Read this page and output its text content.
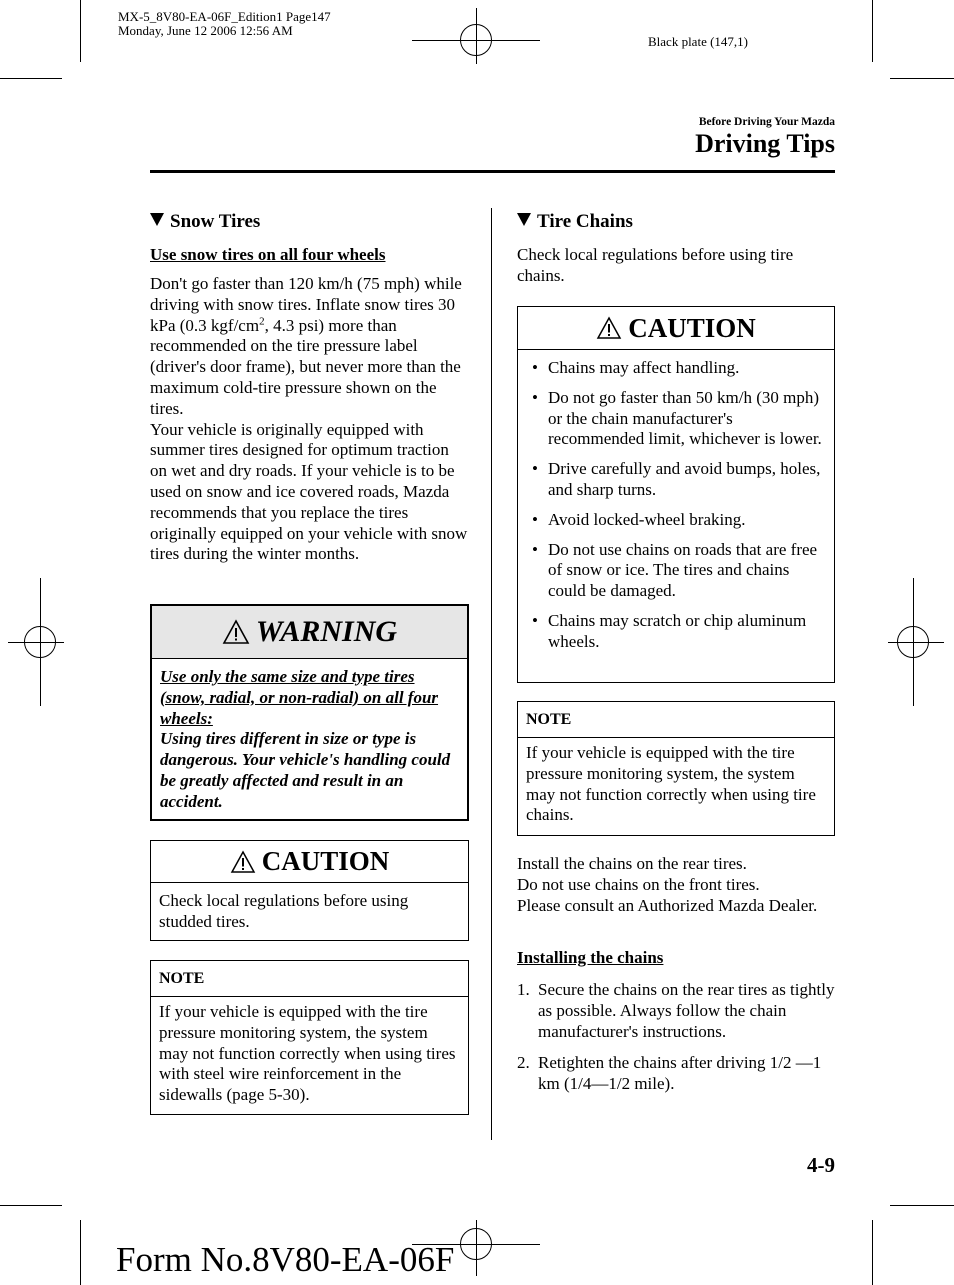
MX-5_8V80-EA-06F_Edition1 Page147
Monday, June 12 2006 12:56 AM
Black plate (147,1)
Before Driving Your Mazda
Driving Tips
Snow Tires
Use snow tires on all four wheels
Don't go faster than 120 km/h (75 mph) while driving with snow tires. Inflate snow tires 30 kPa (0.3 kgf/$cm^2$, 4.3 psi) more than recommended on the tire pressure label (driver's door frame), but never more than the maximum cold-tire pressure shown on the tires.
Your vehicle is originally equipped with summer tires designed for optimum traction on wet and dry roads. If your vehicle is to be used on snow and ice covered roads, Mazda recommends that you replace the tires originally equipped on your vehicle with snow tires during the winter months.
WARNING
Use only the same size and type tires (snow, radial, or non-radial) on all four wheels:
Using tires different in size or type is dangerous. Your vehicle's handling could be greatly affected and result in an accident.
CAUTION
Check local regulations before using studded tires.
NOTE
If your vehicle is equipped with the tire pressure monitoring system, the system may not function correctly when using tires with steel wire reinforcement in the sidewalls (page 5-30).
Tire Chains
Check local regulations before using tire chains.
CAUTION
• Chains may affect handling.
• Do not go faster than 50 km/h (30 mph) or the chain manufacturer's recommended limit, whichever is lower.
• Drive carefully and avoid bumps, holes, and sharp turns.
• Avoid locked-wheel braking.
• Do not use chains on roads that are free of snow or ice. The tires and chains could be damaged.
• Chains may scratch or chip aluminum wheels.
NOTE
If your vehicle is equipped with the tire pressure monitoring system, the system may not function correctly when using tire chains.
Install the chains on the rear tires.
Do not use chains on the front tires.
Please consult an Authorized Mazda Dealer.
Installing the chains
1. Secure the chains on the rear tires as tightly as possible. Always follow the chain manufacturer's instructions.
2. Retighten the chains after driving 1/2 ―1 km (1/4―1/2 mile).
4-9
Form No.8V80-EA-06F
